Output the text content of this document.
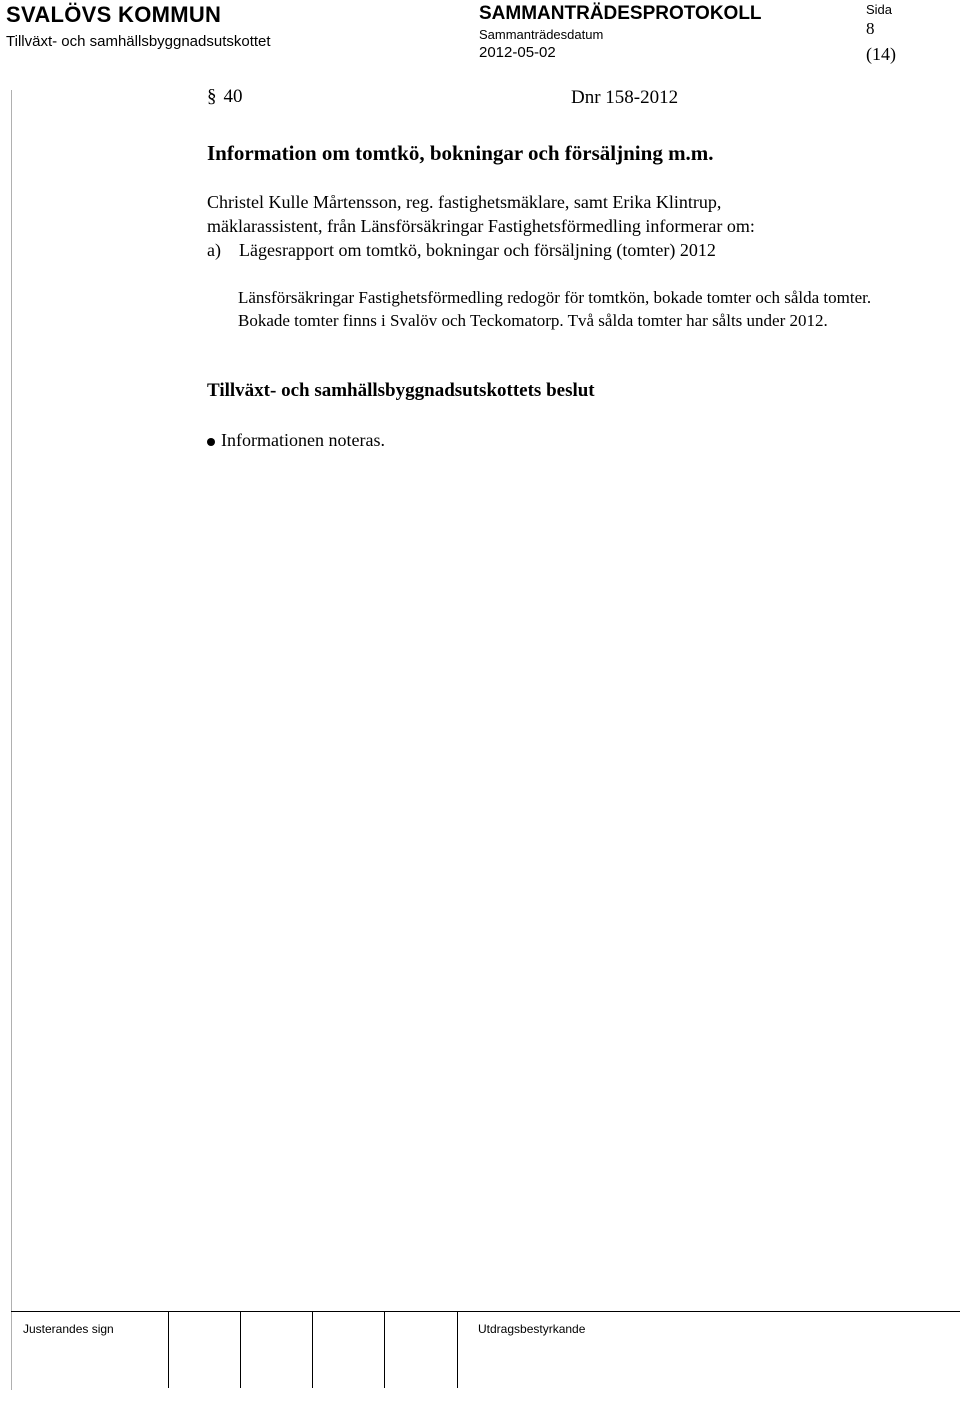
SVALÖVS KOMMUN
Tillväxt- och samhällsbyggnadsutskottet
SAMMANTRÄDESPROTOKOLL
Sammanträdesdatum
2012-05-02
Sida
8
(14)
§ 40	Dnr 158-2012
Information om tomtkö, bokningar och försäljning m.m.
Christel Kulle Mårtensson, reg. fastighetsmäklare, samt Erika Klintrup,
mäklarassistent, från Länsförsäkringar Fastighetsförmedling informerar om:
a) Lägesrapport om tomtkö, bokningar och försäljning (tomter) 2012
Länsförsäkringar Fastighetsförmedling redogör för tomtkön, bokade tomter och sålda tomter. Bokade tomter finns i Svalöv och Teckomatorp. Två sålda tomter har sålts under 2012.
Tillväxt- och samhällsbyggnadsutskottets beslut
Informationen noteras.
Justerandes sign	Utdragsbestyrkande
